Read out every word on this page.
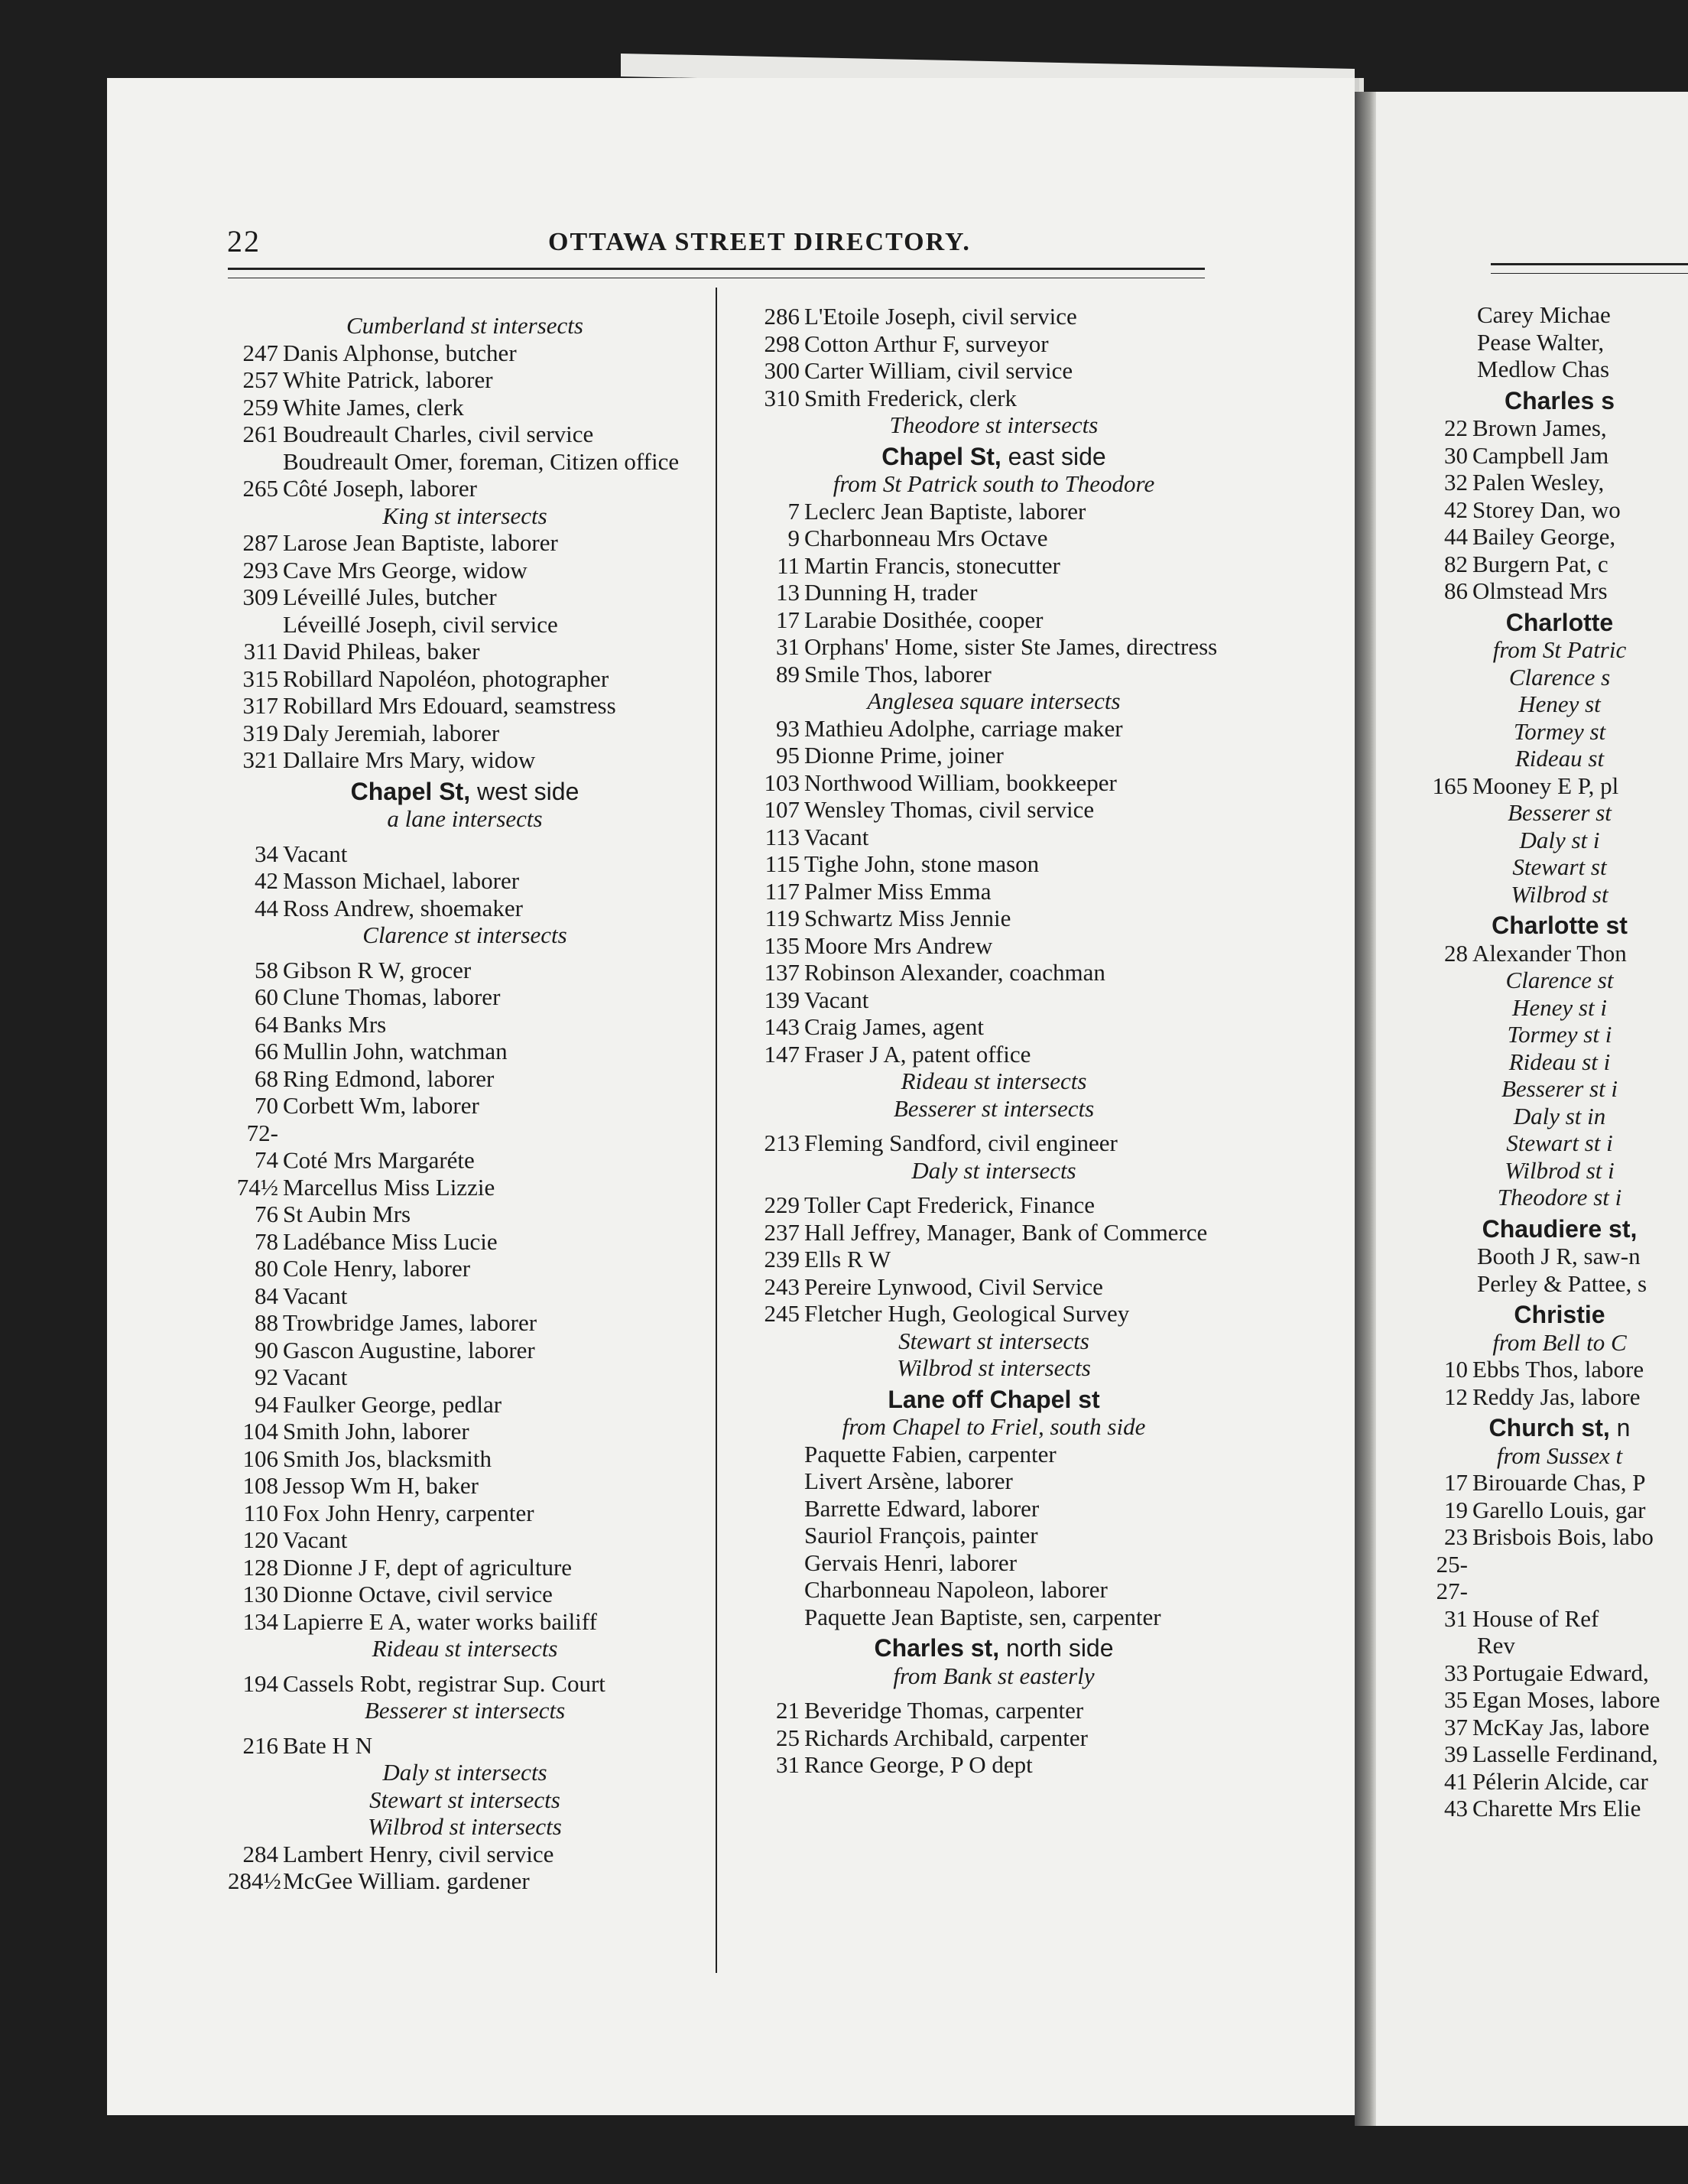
22	OTTAWA STREET DIRECTORY.
Cumberland st intersects
247 Danis Alphonse, butcher
257 White Patrick, laborer
259 White James, clerk
261 Boudreault Charles, civil service
Boudreault Omer, foreman, Citizen office
265 Côté Joseph, laborer
King st intersects
287 Larose Jean Baptiste, laborer
293 Cave Mrs George, widow
309 Léveillé Jules, butcher
Léveillé Joseph, civil service
311 David Phileas, baker
315 Robillard Napoléon, photographer
317 Robillard Mrs Edouard, seamstress
319 Daly Jeremiah, laborer
321 Dallaire Mrs Mary, widow
Chapel St, west side
a lane intersects
34 Vacant
42 Masson Michael, laborer
44 Ross Andrew, shoemaker
Clarence st intersects
58 Gibson R W, grocer
60 Clune Thomas, laborer
64 Banks Mrs
66 Mullin John, watchman
68 Ring Edmond, laborer
70 Corbett Wm, laborer
72-74 Coté Mrs Margaréte
74½ Marcellus Miss Lizzie
76 St Aubin Mrs
78 Ladébance Miss Lucie
80 Cole Henry, laborer
84 Vacant
88 Trowbridge James, laborer
90 Gascon Augustine, laborer
92 Vacant
94 Faulker George, pedlar
104 Smith John, laborer
106 Smith Jos, blacksmith
108 Jessop Wm H, baker
110 Fox John Henry, carpenter
120 Vacant
128 Dionne J F, dept of agriculture
130 Dionne Octave, civil service
134 Lapierre E A, water works bailiff
Rideau st intersects
194 Cassels Robt, registrar Sup. Court
Besserer st intersects
216 Bate H N
Daly st intersects
Stewart st intersects
Wilbrod st intersects
284 Lambert Henry, civil service
284½McGee William. gardener
286 L'Etoile Joseph, civil service
298 Cotton Arthur F, surveyor
300 Carter William, civil service
310 Smith Frederick, clerk
Theodore st intersects
Chapel St, east side
from St Patrick south to Theodore
7 Leclerc Jean Baptiste, laborer
9 Charbonneau Mrs Octave
11 Martin Francis, stonecutter
13 Dunning H, trader
17 Larabie Dosithée, cooper
31 Orphans' Home, sister Ste James, directress
89 Smile Thos, laborer
Anglesea square intersects
93 Mathieu Adolphe, carriage maker
95 Dionne Prime, joiner
103 Northwood William, bookkeeper
107 Wensley Thomas, civil service
113 Vacant
115 Tighe John, stone mason
117 Palmer Miss Emma
119 Schwartz Miss Jennie
135 Moore Mrs Andrew
137 Robinson Alexander, coachman
139 Vacant
143 Craig James, agent
147 Fraser J A, patent office
Rideau st intersects
Besserer st intersects
213 Fleming Sandford, civil engineer
Daly st intersects
229 Toller Capt Frederick, Finance
237 Hall Jeffrey, Manager, Bank of Commerce
239 Ells R W
243 Pereire Lynwood, Civil Service
245 Fletcher Hugh, Geological Survey
Stewart st intersects
Wilbrod st intersects
Lane off Chapel st
from Chapel to Friel, south side
Paquette Fabien, carpenter
Livert Arsène, laborer
Barrette Edward, laborer
Sauriol François, painter
Gervais Henri, laborer
Charbonneau Napoleon, laborer
Paquette Jean Baptiste, sen, carpenter
Charles st, north side
from Bank st easterly
21 Beveridge Thomas, carpenter
25 Richards Archibald, carpenter
31 Rance George, P O dept
Carey Michae
Pease Walter,
Medlow Chas
Charles s
22 Brown James,
30 Campbell Jam
32 Palen Wesley,
42 Storey Dan, wo
44 Bailey George,
82 Burgern Pat, c
86 Olmstead Mrs
Charlotte
from St Patric
Clarence s
Heney st
Tormey st
Rideau st
165 Mooney E P, pl
Besserer st
Daly st i
Stewart st
Wilbrod st
Charlotte st
28 Alexander Thon
Clarence st
Heney st i
Tormey st i
Rideau st i
Besserer st i
Daly st in
Stewart st i
Wilbrod st i
Theodore st i
Chaudiere st,
Booth J R, saw-n
Perley & Pattee, s
Christie
from Bell to C
10 Ebbs Thos, labore
12 Reddy Jas, labore
Church st, n
from Sussex t
17 Birouarde Chas, P
19 Garello Louis, gar
23 Brisbois Bois, labo
25-27-31 House of Ref
Rev
33 Portugaie Edward,
35 Egan Moses, labore
37 McKay Jas, labore
39 Lasselle Ferdinand,
41 Pélerin Alcide, car
43 Charette Mrs Elie
